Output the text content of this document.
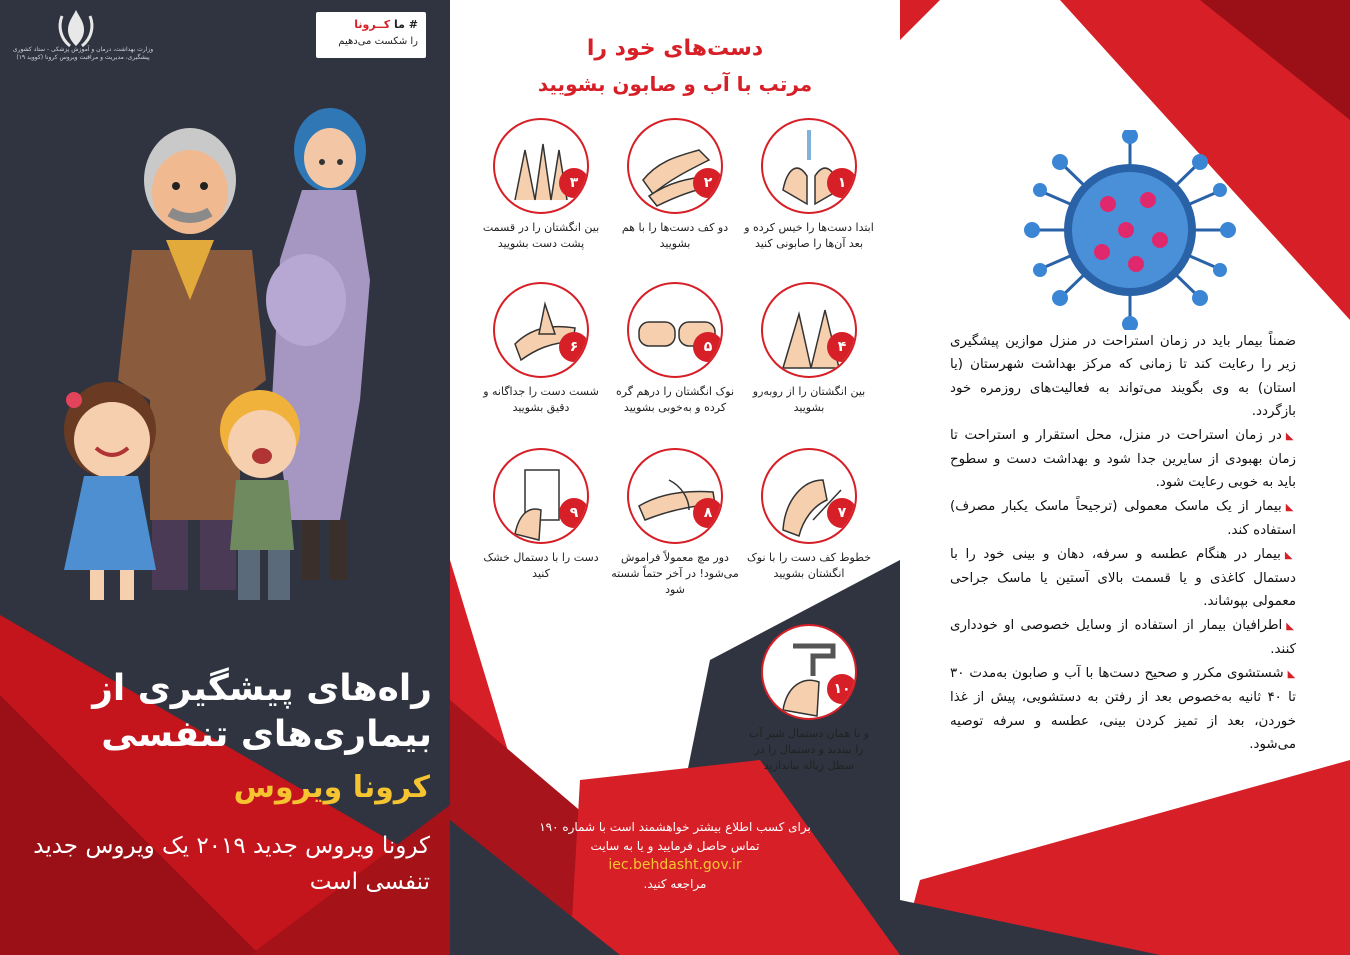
وزارت بهداشت، درمان و آموزش پزشکی - ستاد کشوری پیشگیری، مدیریت و مراقبت ویروس کرونا (کووید ۱۹)
# ما کــرونا
را شکست می‌دهیم
راه‌های پیشگیری از
بیماری‌های تنفسی
کرونا ویروس
کرونا ویروس جدید ۲۰۱۹ یک ویروس جدید تنفسی است
دست‌های خود را
مرتب با آب و صابون بشویید
۱
ابتدا دست‌ها را خیس کرده و بعد آن‌ها را صابونی کنید
۲
دو کف دست‌ها را با هم بشویید
۳
بین انگشتان را در قسمت پشت دست بشویید
۴
بین انگشتان را از روبه‌رو بشویید
۵
نوک انگشتان را درهم گره کرده و به‌خوبی بشویید
۶
شست دست را جداگانه و دقیق بشویید
۷
خطوط کف دست را با نوک انگشتان بشویید
۸
دور مچ معمولاً فراموش می‌شود! در آخر حتماً شسته شود
۹
دست را با دستمال خشک کنید
۱۰
و با همان دستمال شیر آب را ببندید و دستمال را در سطل زباله بیاندازید
برای کسب اطلاع بیشتر خواهشمند است با شماره ۱۹۰
تماس حاصل فرمایید و یا به سایت
iec.behdasht.gov.ir
مراجعه کنید.

ضمناً بیمار باید در زمان استراحت در منزل موازین پیشگیری زیر را رعایت کند تا زمانی که مرکز بهداشت شهرستان (یا استان) به وی بگویند می‌تواند به فعالیت‌های روزمره خود بازگردد.

◣در زمان استراحت در منزل، محل استقرار و استراحت تا زمان بهبودی از سایرین جدا شود و بهداشت دست و سطوح باید به خوبی رعایت شود.

◣بیمار از یک ماسک معمولی (ترجیحاً ماسک یکبار مصرف) استفاده کند.

◣بیمار در هنگام عطسه و سرفه، دهان و بینی خود را با دستمال کاغذی و یا قسمت بالای آستین یا ماسک جراحی معمولی بپوشاند.

◣اطرافیان بیمار از استفاده از وسایل خصوصی او خودداری کنند.

◣شستشوی مکرر و صحیح دست‌ها با آب و صابون به‌مدت ۳۰ تا ۴۰ ثانیه به‌خصوص بعد از رفتن به دستشویی، پیش از غذا خوردن، بعد از تمیز کردن بینی، عطسه و سرفه توصیه می‌شود.
